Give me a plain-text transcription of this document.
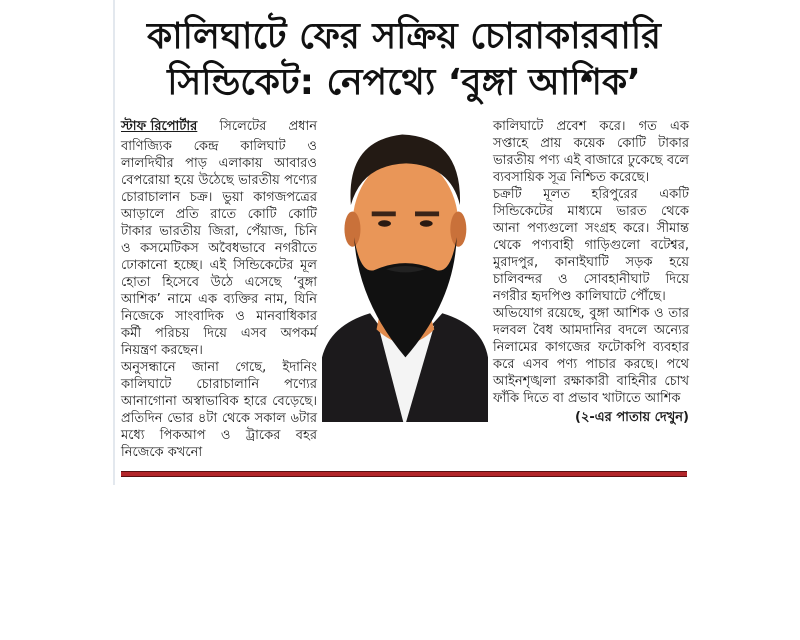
কালিঘাটে ফের সক্রিয় চোরাকারবারি
সিন্ডিকেট: নেপথ্যে ‘বুঙ্গা আশিক’
স্টাফ রিপোর্টার সিলেটের প্রধান বাণিজ্যিক কেন্দ্র কালিঘাট ও লালদিঘীর পাড় এলাকায় আবারও বেপরোয়া হয়ে উঠেছে ভারতীয় পণ্যের চোরাচালান চক্র। ভুয়া কাগজপত্রের আড়ালে প্রতি রাতে কোটি কোটি টাকার ভারতীয় জিরা, পেঁয়াজ, চিনি ও কসমেটিকস অবৈধভাবে নগরীতে ঢোকানো হচ্ছে। এই সিন্ডিকেটের মূল হোতা হিসেবে উঠে এসেছে ‘বুঙ্গা আশিক’ নামে এক ব্যক্তির নাম, যিনি নিজেকে সাংবাদিক ও মানবাধিকার কর্মী পরিচয় দিয়ে এসব অপকর্ম নিয়ন্ত্রণ করছেন।
অনুসন্ধানে জানা গেছে, ইদানিং কালিঘাটে চোরাচালানি পণ্যের আনাগোনা অস্বাভাবিক হারে বেড়েছে। প্রতিদিন ভোর ৪টা থেকে সকাল ৬টার মধ্যে পিকআপ ও ট্রাকের বহর নিজেকে কখনো
কালিঘাটে প্রবেশ করে। গত এক সপ্তাহে প্রায় কয়েক কোটি টাকার ভারতীয় পণ্য এই বাজারে ঢুকেছে বলে ব্যবসায়িক সূত্র নিশ্চিত করেছে।
চক্রটি মূলত হরিপুরের একটি সিন্ডিকেটের মাধ্যমে ভারত থেকে আনা পণ্যগুলো সংগ্রহ করে। সীমান্ত থেকে পণ্যবাহী গাড়িগুলো বটেশ্বর, মুরাদপুর, কানাইঘাটি সড়ক হয়ে চালিবন্দর ও সোবহানীঘাট দিয়ে নগরীর হৃদপিণ্ড কালিঘাটে পৌঁছে।
অভিযোগ রয়েছে, বুঙ্গা আশিক ও তার দলবল বৈধ আমদানির বদলে অন্যের নিলামের কাগজের ফটোকপি ব্যবহার করে এসব পণ্য পাচার করছে। পথে আইনশৃঙ্খলা রক্ষাকারী বাহিনীর চোখ ফাঁকি দিতে বা প্রভাব খাটাতে আশিক
(২-এর পাতায় দেখুন)
